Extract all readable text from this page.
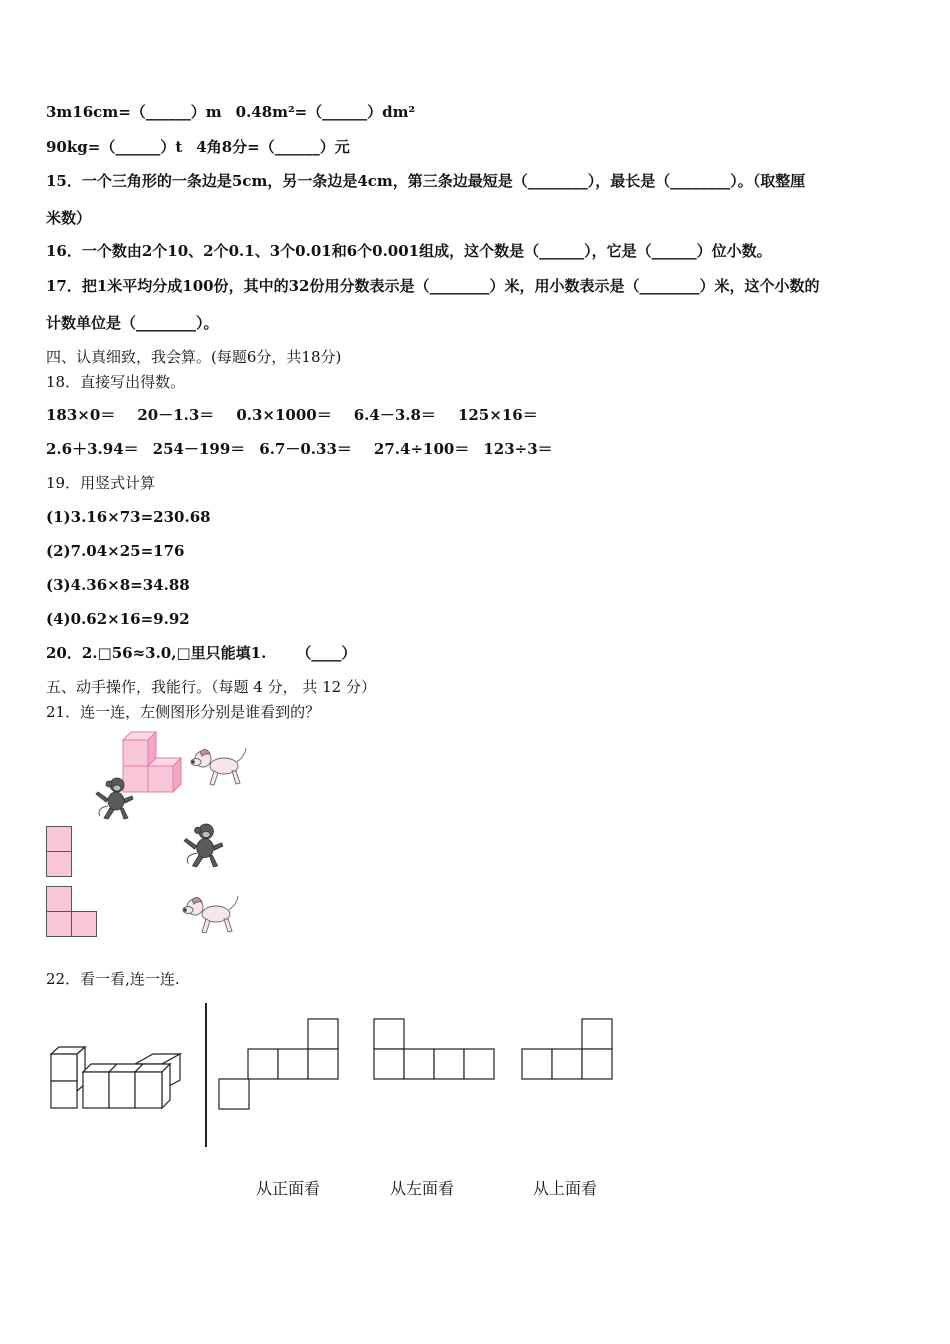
3m16cm=（______）m 0.48m²=（______）dm²
90kg=（______）t 4角8分=（______）元
15．一个三角形的一条边是5cm，另一条边是4cm，第三条边最短是（________），最长是（________）。（取整厘
米数）
16．一个数由2个10、2个0.1、3个0.01和6个0.001组成，这个数是（______），它是（______）位小数。
17．把1米平均分成100份，其中的32份用分数表示是（________）米，用小数表示是（________）米，这个小数的
计数单位是（________）。
四、认真细致，我会算。(每题6分，共18分)
18．直接写出得数。
183×0＝ 20－1.3＝ 0.3×1000＝ 6.4－3.8＝ 125×16＝
2.6＋3.94＝ 254－199＝ 6.7－0.33＝ 27.4÷100＝ 123÷3＝
19．用竖式计算
(1)3.16×73=230.68
(2)7.04×25=176
(3)4.36×8=34.88
(4)0.62×16=9.92
20．2.□56≈3.0,□里只能填1. （____）
五、动手操作，我能行。（每题 4 分， 共 12 分）
21．连一连，左侧图形分别是谁看到的？
22．看一看,连一连.
从正面看	从左面看	从上面看
